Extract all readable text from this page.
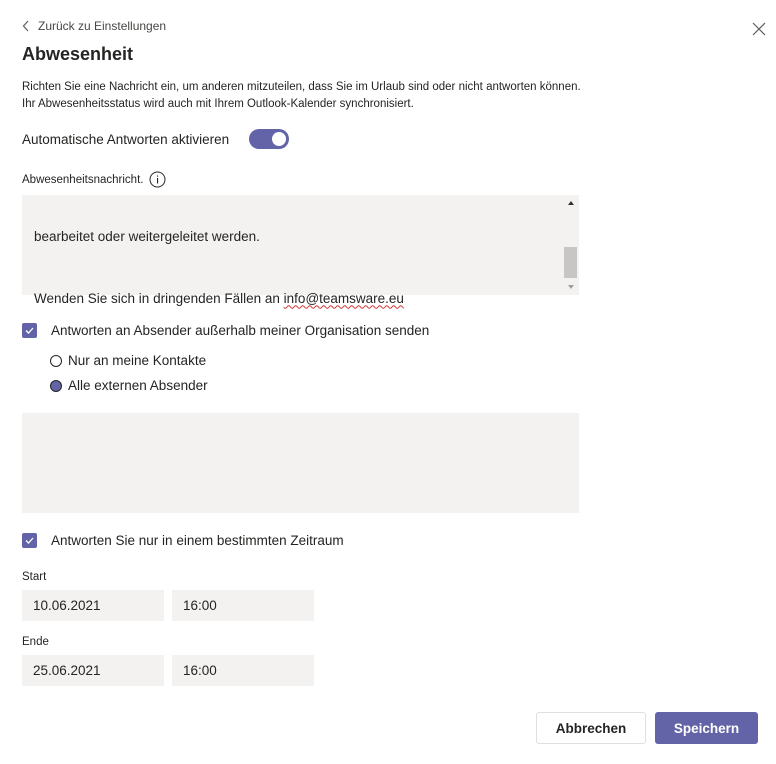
Zurück zu Einstellungen
Abwesenheit
Richten Sie eine Nachricht ein, um anderen mitzuteilen, dass Sie im Urlaub sind oder nicht antworten können.
Ihr Abwesenheitsstatus wird auch mit Ihrem Outlook-Kalender synchronisiert.
Automatische Antworten aktivieren
Abwesenheitsnachricht.

bearbeitet oder weitergeleitet werden.

Wenden Sie sich in dringenden Fällen an info@teamsware.eu

Antworten an Absender außerhalb meiner Organisation senden
Nur an meine Kontakte
Alle externen Absender
Antworten Sie nur in einem bestimmten Zeitraum
Start
10.06.2021	16:00
Ende
25.06.2021	16:00
Abbrechen	Speichern
